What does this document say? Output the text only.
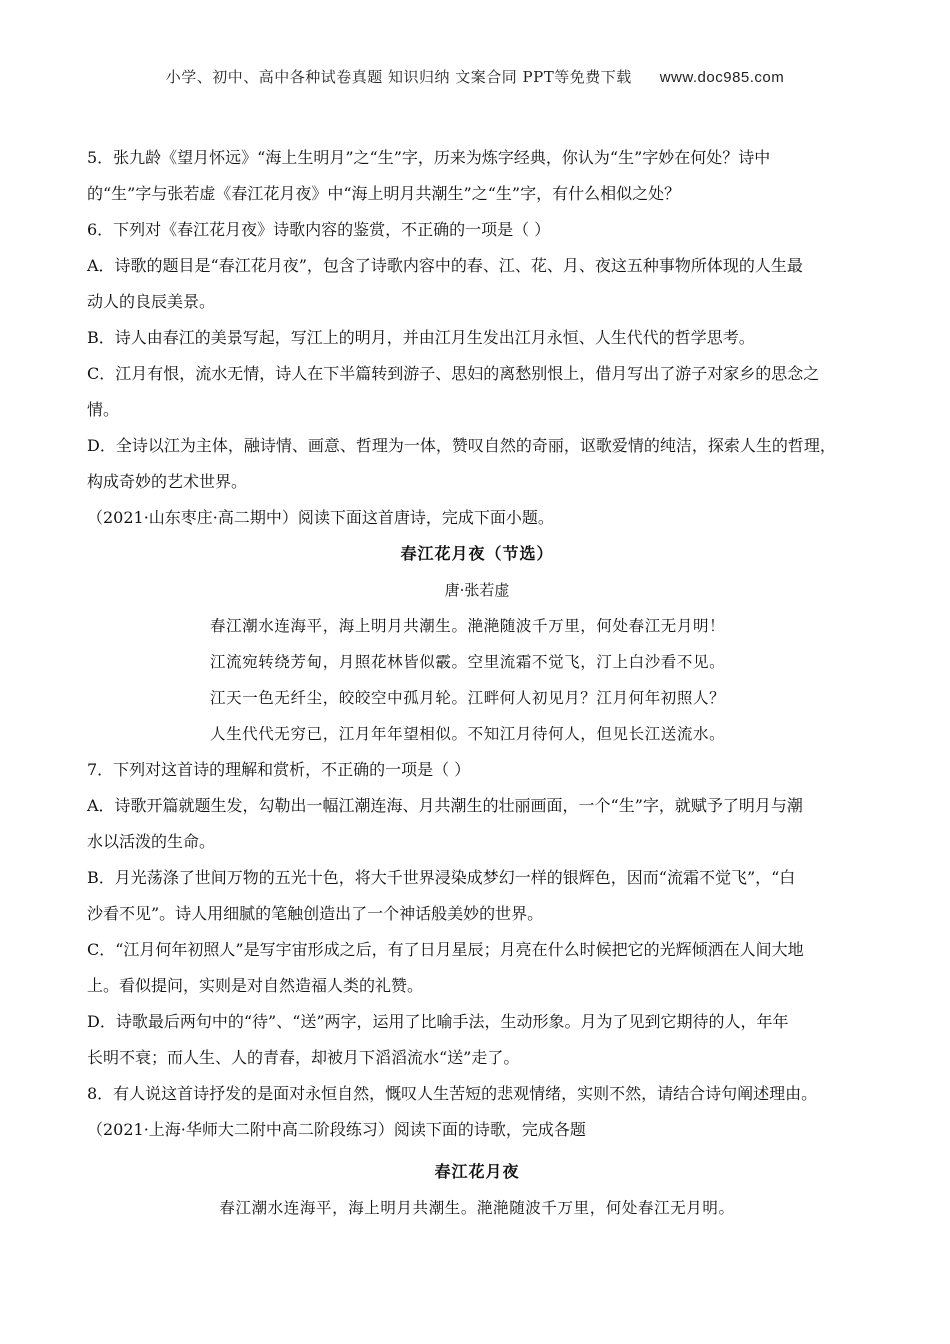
小学、初中、高中各种试卷真题 知识归纳 文案合同 PPT等免费下载 www.doc985.com

5．张九龄《望月怀远》“海上生明月”之“生”字，历来为炼字经典，你认为“生”字妙在何处？诗中

的“生”字与张若虚《春江花月夜》中“海上明月共潮生”之“生”字，有什么相似之处？

6．下列对《春江花月夜》诗歌内容的鉴赏，不正确的一项是（ ）

A．诗歌的题目是“春江花月夜”，包含了诗歌内容中的春、江、花、月、夜这五种事物所体现的人生最

动人的良辰美景。

B．诗人由春江的美景写起，写江上的明月，并由江月生发出江月永恒、人生代代的哲学思考。

C．江月有恨，流水无情，诗人在下半篇转到游子、思妇的离愁别恨上，借月写出了游子对家乡的思念之

情。

D．全诗以江为主体，融诗情、画意、哲理为一体，赞叹自然的奇丽，讴歌爱情的纯洁，探索人生的哲理，

构成奇妙的艺术世界。

（2021·山东枣庄·高二期中）阅读下面这首唐诗，完成下面小题。

春江花月夜（节选）

唐·张若虚

春江潮水连海平，海上明月共潮生。滟滟随波千万里，何处春江无月明！

江流宛转绕芳甸，月照花林皆似霰。空里流霜不觉飞，汀上白沙看不见。

江天一色无纤尘，皎皎空中孤月轮。江畔何人初见月？江月何年初照人？

人生代代无穷已，江月年年望相似。不知江月待何人，但见长江送流水。

7．下列对这首诗的理解和赏析，不正确的一项是（ ）

A．诗歌开篇就题生发，勾勒出一幅江潮连海、月共潮生的壮丽画面，一个“生”字，就赋予了明月与潮

水以活泼的生命。

B．月光荡涤了世间万物的五光十色，将大千世界浸染成梦幻一样的银辉色，因而“流霜不觉飞”，“白

沙看不见”。诗人用细腻的笔触创造出了一个神话般美妙的世界。

C．“江月何年初照人”是写宇宙形成之后，有了日月星辰；月亮在什么时候把它的光辉倾洒在人间大地

上。看似提问，实则是对自然造福人类的礼赞。

D．诗歌最后两句中的“待”、“送”两字，运用了比喻手法，生动形象。月为了见到它期待的人，年年

长明不衰；而人生、人的青春，却被月下滔滔流水“送”走了。

8．有人说这首诗抒发的是面对永恒自然，慨叹人生苦短的悲观情绪，实则不然，请结合诗句阐述理由。

（2021·上海·华师大二附中高二阶段练习）阅读下面的诗歌，完成各题

春江花月夜

春江潮水连海平，海上明月共潮生。滟滟随波千万里，何处春江无月明。
